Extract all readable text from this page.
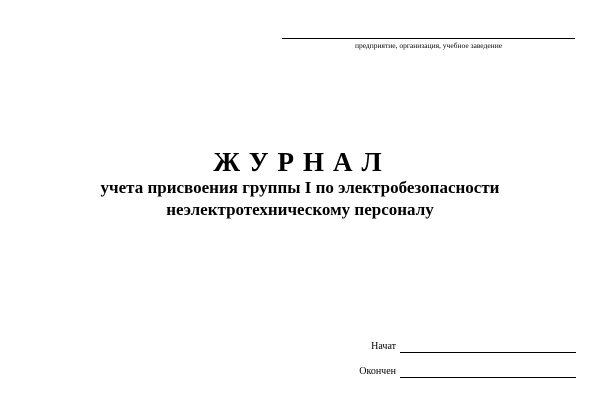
предприятие, организация, учебное заведение
ЖУРНАЛ
учета присвоения группы I по электробезопасности
неэлектротехническому персоналу
Начат
Окончен
